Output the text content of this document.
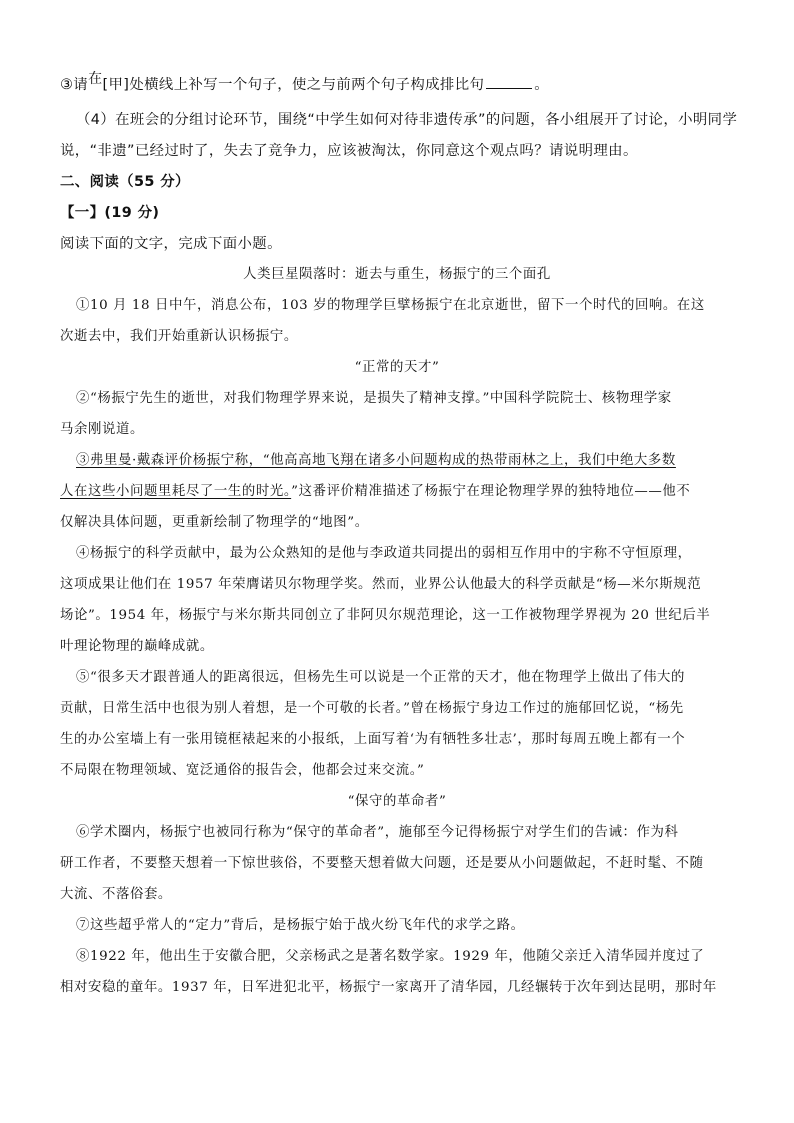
③请在[甲]处横线上补写一个句子，使之与前两个句子构成排比句	。
（4）在班会的分组讨论环节，围绕“中学生如何对待非遗传承”的问题，各小组展开了讨论，小明同学
说，“非遗”已经过时了，失去了竞争力，应该被淘汰，你同意这个观点吗？请说明理由。
二、阅读（55 分）
【一】(19 分)
阅读下面的文字，完成下面小题。
人类巨星陨落时：逝去与重生，杨振宁的三个面孔
①10 月 18 日中午，消息公布，103 岁的物理学巨擘杨振宁在北京逝世，留下一个时代的回响。在这
次逝去中，我们开始重新认识杨振宁。
“正常的天才”
②“杨振宁先生的逝世，对我们物理学界来说，是损失了精神支撑。”中国科学院院士、核物理学家
马余刚说道。
③弗里曼·戴森评价杨振宁称，“他高高地飞翔在诸多小问题构成的热带雨林之上，我们中绝大多数
人在这些小问题里耗尽了一生的时光。”这番评价精准描述了杨振宁在理论物理学界的独特地位——他不
仅解决具体问题，更重新绘制了物理学的“地图”。
④杨振宁的科学贡献中，最为公众熟知的是他与李政道共同提出的弱相互作用中的宇称不守恒原理，
这项成果让他们在 1957 年荣膺诺贝尔物理学奖。然而，业界公认他最大的科学贡献是“杨—米尔斯规范
场论”。1954 年，杨振宁与米尔斯共同创立了非阿贝尔规范理论，这一工作被物理学界视为 20 世纪后半
叶理论物理的巅峰成就。
⑤“很多天才跟普通人的距离很远，但杨先生可以说是一个正常的天才，他在物理学上做出了伟大的
贡献，日常生活中也很为别人着想，是一个可敬的长者。”曾在杨振宁身边工作过的施郁回忆说，“杨先
生的办公室墙上有一张用镜框裱起来的小报纸，上面写着‘为有牺牲多壮志’，那时每周五晚上都有一个
不局限在物理领域、宽泛通俗的报告会，他都会过来交流。”
“保守的革命者”
⑥学术圈内，杨振宁也被同行称为“保守的革命者”，施郁至今记得杨振宁对学生们的告诫：作为科
研工作者，不要整天想着一下惊世骇俗，不要整天想着做大问题，还是要从小问题做起，不赶时髦、不随
大流、不落俗套。
⑦这些超乎常人的“定力”背后，是杨振宁始于战火纷飞年代的求学之路。
⑧1922 年，他出生于安徽合肥，父亲杨武之是著名数学家。1929 年，他随父亲迁入清华园并度过了
相对安稳的童年。1937 年，日军进犯北平，杨振宁一家离开了清华园，几经辗转于次年到达昆明，那时年
